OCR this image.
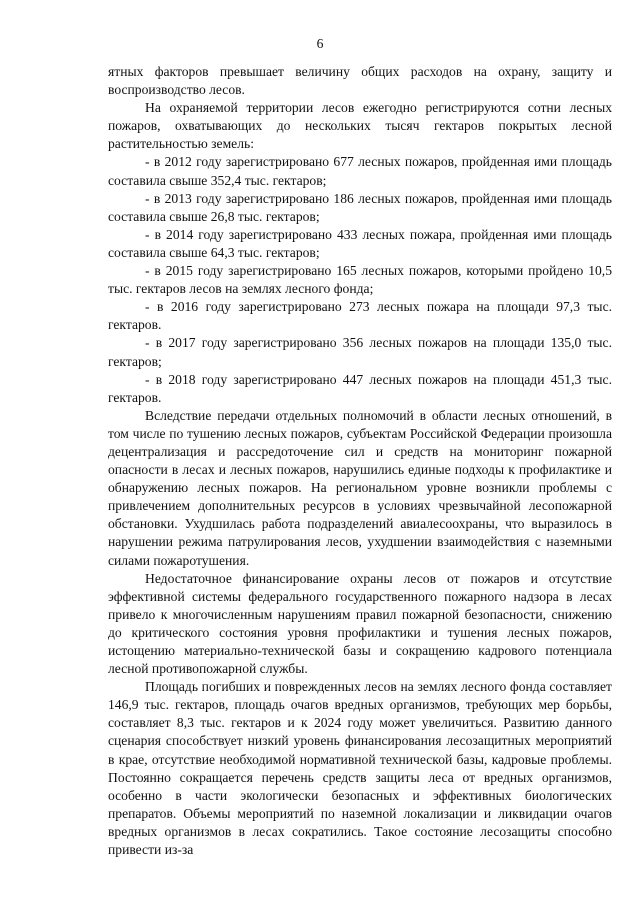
6

ятных факторов превышает величину общих расходов на охрану, защиту и воспроизводство лесов.

На охраняемой территории лесов ежегодно регистрируются сотни лесных пожаров, охватывающих до нескольких тысяч гектаров покрытых лесной растительностью земель:

- в 2012 году зарегистрировано 677 лесных пожаров, пройденная ими площадь составила свыше 352,4 тыс. гектаров;

- в 2013 году зарегистрировано 186 лесных пожаров, пройденная ими площадь составила свыше 26,8 тыс. гектаров;

- в 2014 году зарегистрировано 433 лесных пожара, пройденная ими площадь составила свыше 64,3 тыс. гектаров;

- в 2015 году зарегистрировано 165 лесных пожаров, которыми пройдено 10,5 тыс. гектаров лесов на землях лесного фонда;

- в 2016 году зарегистрировано 273 лесных пожара на площади 97,3 тыс. гектаров.

- в 2017 году зарегистрировано 356 лесных пожаров на площади 135,0 тыс. гектаров;

- в 2018 году зарегистрировано 447 лесных пожаров на площади 451,3 тыс. гектаров.

Вследствие передачи отдельных полномочий в области лесных отношений, в том числе по тушению лесных пожаров, субъектам Российской Федерации произошла децентрализация и рассредоточение сил и средств на мониторинг пожарной опасности в лесах и лесных пожаров, нарушились единые подходы к профилактике и обнаружению лесных пожаров. На региональном уровне возникли проблемы с привлечением дополнительных ресурсов в условиях чрезвычайной лесопожарной обстановки. Ухудшилась работа подразделений авиалесоохраны, что выразилось в нарушении режима патрулирования лесов, ухудшении взаимодействия с наземными силами пожаротушения.

Недостаточное финансирование охраны лесов от пожаров и отсутствие эффективной системы федерального государственного пожарного надзора в лесах привело к многочисленным нарушениям правил пожарной безопасности, снижению до критического состояния уровня профилактики и тушения лесных пожаров, истощению материально-технической базы и сокращению кадрового потенциала лесной противопожарной службы.

Площадь погибших и поврежденных лесов на землях лесного фонда составляет 146,9 тыс. гектаров, площадь очагов вредных организмов, требующих мер борьбы, составляет 8,3 тыс. гектаров и к 2024 году может увеличиться. Развитию данного сценария способствует низкий уровень финансирования лесозащитных мероприятий в крае, отсутствие необходимой нормативной технической базы, кадровые проблемы. Постоянно сокращается перечень средств защиты леса от вредных организмов, особенно в части экологически безопасных и эффективных биологических препаратов. Объемы мероприятий по наземной локализации и ликвидации очагов вредных организмов в лесах сократились. Такое состояние лесозащиты способно привести из-за
